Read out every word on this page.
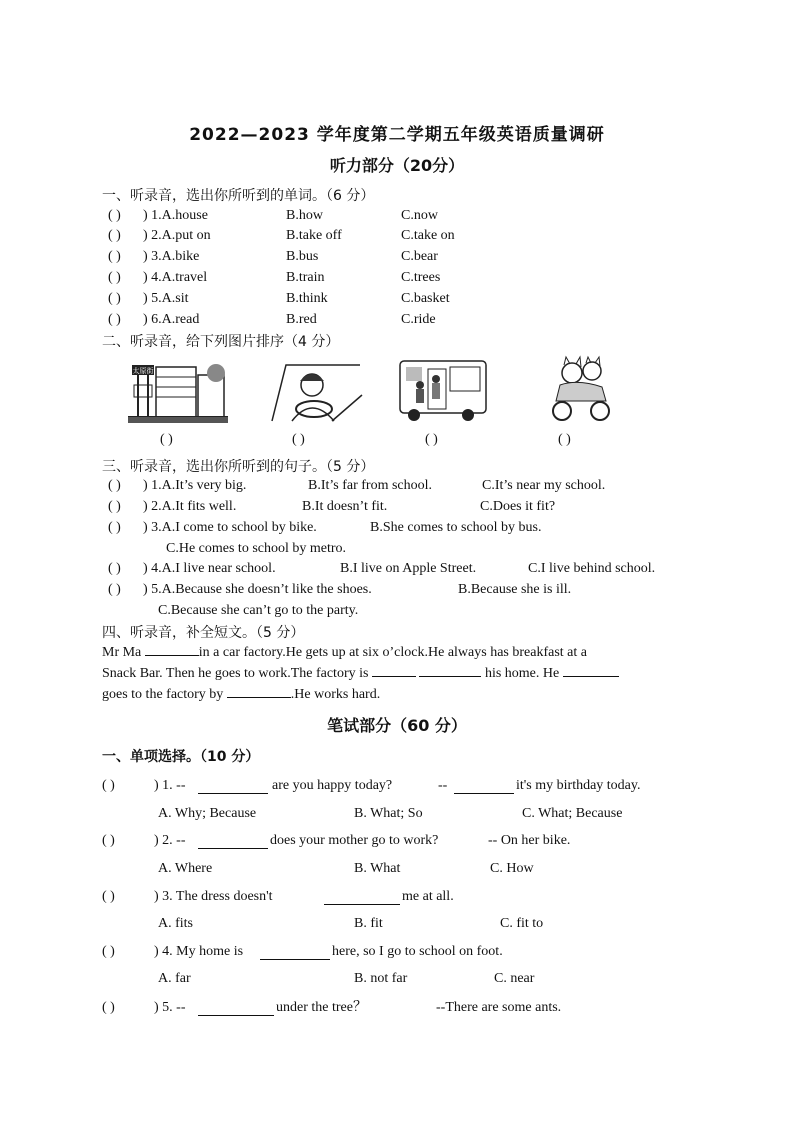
2022—2023 学年度第二学期五年级英语质量调研
听力部分（20分）
一、听录音，选出你所听到的单词。（6 分）
( ) ) 1.A.house	B.how	C.now
( ) ) 2.A.put on	B.take off	C.take on
( ) ) 3.A.bike	B.bus	C.bear
( ) ) 4.A.travel	B.train	C.trees
( ) ) 5.A.sit	B.think	C.basket
( ) ) 6.A.read	B.red	C.ride
二、听录音，给下列图片排序（4 分）
太原街
( )	( )	( )	( )
三、听录音，选出你所听到的句子。（5 分）
( ) ) 1.A.It’s very big.	B.It’s far from school.	C.It’s near my school.
( ) ) 2.A.It fits well.	B.It doesn’t fit.	C.Does it fit?
( ) ) 3.A.I come to school by bike.	B.She comes to school by bus.
C.He comes to school by metro.
( ) ) 4.A.I live near school.	B.I live on Apple Street.	C.I live behind school.
( ) ) 5.A.Because she doesn’t like the shoes.	B.Because she is ill.
C.Because she can’t go to the party.
四、听录音，补全短文。（5 分）
Mr Ma	in a car factory.He gets up at six o’clock.He always has breakfast at a
Snack Bar. Then he goes to work.The factory is	his home. He
goes to the factory by	.He works hard.
笔试部分（60 分）
一、单项选择。（10 分）
( )	) 1. --	are you happy today?	--	it's my birthday today.
A. Why; Because	B. What; So	C. What; Because
( )	) 2. --	does your mother go to work?	-- On her bike.
A. Where	B. What	C. How
( )	) 3. The dress doesn't	me at all.
A. fits	B. fit	C. fit to
( )	) 4. My home is	here, so I go to school on foot.
A. far	B. not far	C. near
( )	) 5. --	under the tree？	--There are some ants.
